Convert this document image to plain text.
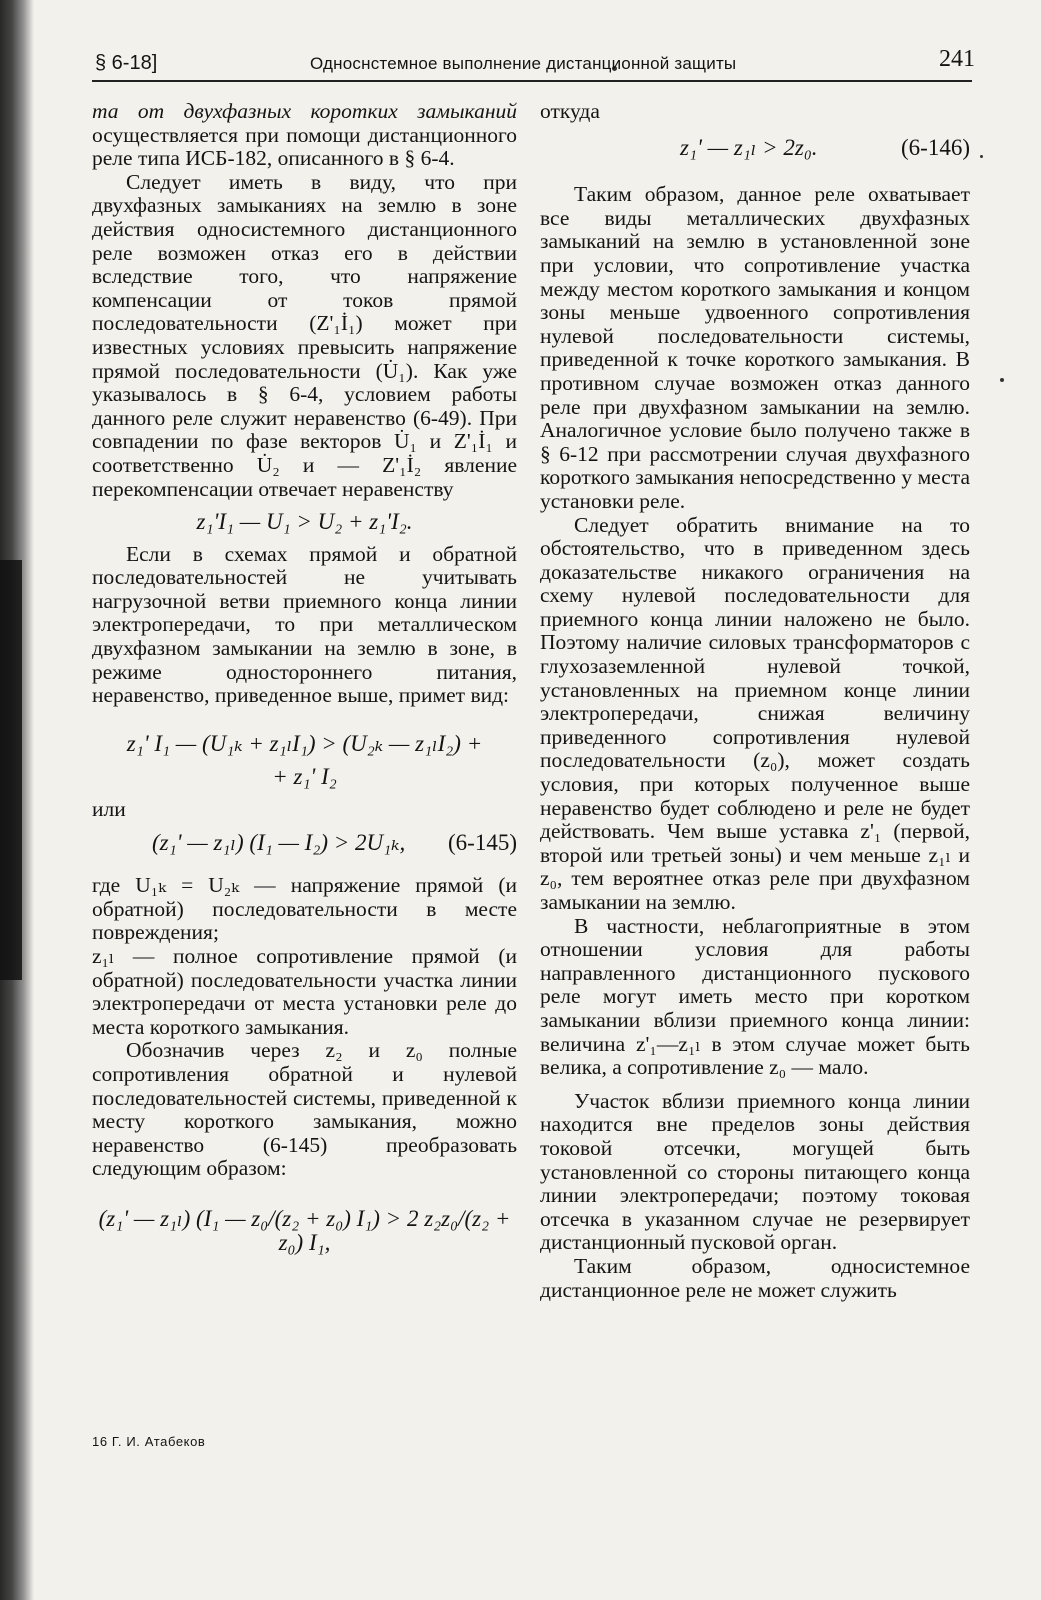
§ 6-18]	Односнстемное выполнение дистанционной защиты	241

та от двухфазных коротких замыканий осуществляется при помощи дистанционного реле типа ИСБ-182, описанного в § 6-4.

Следует иметь в виду, что при двухфазных замыканиях на землю в зоне действия односистемного дистанционного реле возможен отказ его в действии вследствие того, что напряжение компенсации от токов прямой последовательности (Z'₁İ₁) может при известных условиях превысить напряжение прямой последовательности (U̇₁). Как уже указывалось в § 6-4, условием работы данного реле служит неравенство (6-49). При совпадении по фазе векторов U̇₁ и Z'₁İ₁ и соответственно U̇₂ и — Z'₁İ₂ явление перекомпенсации отвечает неравенству

z₁'I₁ — U₁ > U₂ + z₁'I₂.

Если в схемах прямой и обратной последовательностей не учитывать нагрузочной ветви приемного конца линии электропередачи, то при металлическом двухфазном замыкании на землю в зоне, в режиме одностороннего питания, неравенство, приведенное выше, примет вид:

z₁' I₁ — (U₁ₖ + z₁ₗI₁) > (U₂ₖ — z₁ₗI₂) +
+ z₁' I₂

или

(z₁' — z₁ₗ) (I₁ — I₂) > 2U₁ₖ, (6-145)

где U₁ₖ = U₂ₖ — напряжение прямой (и обратной) последовательности в месте повреждения;

z₁ₗ — полное сопротивление прямой (и обратной) последовательности участка линии электропередачи от места установки реле до места короткого замыкания.

Обозначив через z₂ и z₀ полные сопротивления обратной и нулевой последовательностей системы, приведенной к месту короткого замыкания, можно неравенство (6-145) преобразовать следующим образом:

(z₁' — z₁ₗ) (I₁ — z₀/(z₂ + z₀) I₁) > 2 z₂z₀/(z₂ + z₀) I₁,

откуда

z₁' — z₁ₗ > 2z₀.	(6-146)

Таким образом, данное реле охватывает все виды металлических двухфазных замыканий на землю в установленной зоне при условии, что сопротивление участка между местом короткого замыкания и концом зоны меньше удвоенного сопротивления нулевой последовательности системы, приведенной к точке короткого замыкания. В противном случае возможен отказ данного реле при двухфазном замыкании на землю. Аналогичное условие было получено также в § 6-12 при рассмотрении случая двухфазного короткого замыкания непосредственно у места установки реле.

Следует обратить внимание на то обстоятельство, что в приведенном здесь доказательстве никакого ограничения на схему нулевой последовательности для приемного конца линии наложено не было. Поэтому наличие силовых трансформаторов с глухозаземленной нулевой точкой, установленных на приемном конце линии электропередачи, снижая величину приведенного сопротивления нулевой последовательности (z₀), может создать условия, при которых полученное выше неравенство будет соблюдено и реле не будет действовать. Чем выше уставка z'₁ (первой, второй или третьей зоны) и чем меньше z₁ₗ и z₀, тем вероятнее отказ реле при двухфазном замыкании на землю.

В частности, неблагоприятные в этом отношении условия для работы направленного дистанционного пускового реле могут иметь место при коротком замыкании вблизи приемного конца линии: величина z'₁—z₁ₗ в этом случае может быть велика, а сопротивление z₀ — мало.

Участок вблизи приемного конца линии находится вне пределов зоны действия токовой отсечки, могущей быть установленной со стороны питающего конца линии электропередачи; поэтому токовая отсечка в указанном случае не резервирует дистанционный пусковой орган.

Таким образом, односистемное дистанционное реле не может служить

16 Г. И. Атабеков
